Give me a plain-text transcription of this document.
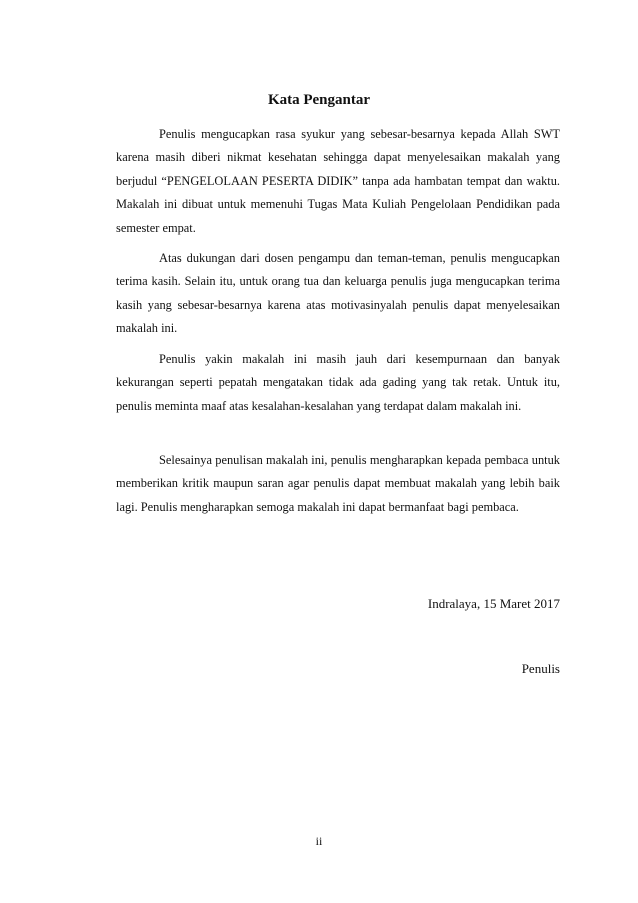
Kata Pengantar

Penulis mengucapkan rasa syukur yang sebesar-besarnya kepada Allah SWT karena masih diberi nikmat kesehatan sehingga dapat menyelesaikan makalah yang berjudul “PENGELOLAAN PESERTA DIDIK” tanpa ada hambatan tempat dan waktu. Makalah ini dibuat untuk memenuhi Tugas Mata Kuliah Pengelolaan Pendidikan pada semester empat.

Atas dukungan dari dosen pengampu dan teman-teman, penulis mengucapkan terima kasih. Selain itu, untuk orang tua dan keluarga penulis juga mengucapkan terima kasih yang sebesar-besarnya karena atas motivasinyalah penulis dapat menyelesaikan makalah ini.

Penulis yakin makalah ini masih jauh dari kesempurnaan dan banyak kekurangan seperti pepatah mengatakan tidak ada gading yang tak retak. Untuk itu, penulis meminta maaf atas kesalahan-kesalahan yang terdapat dalam makalah ini.

Selesainya penulisan makalah ini, penulis mengharapkan kepada pembaca untuk memberikan kritik maupun saran agar penulis dapat membuat makalah yang lebih baik lagi. Penulis mengharapkan semoga makalah ini dapat bermanfaat bagi pembaca.

Indralaya, 15 Maret 2017
Penulis
ii
